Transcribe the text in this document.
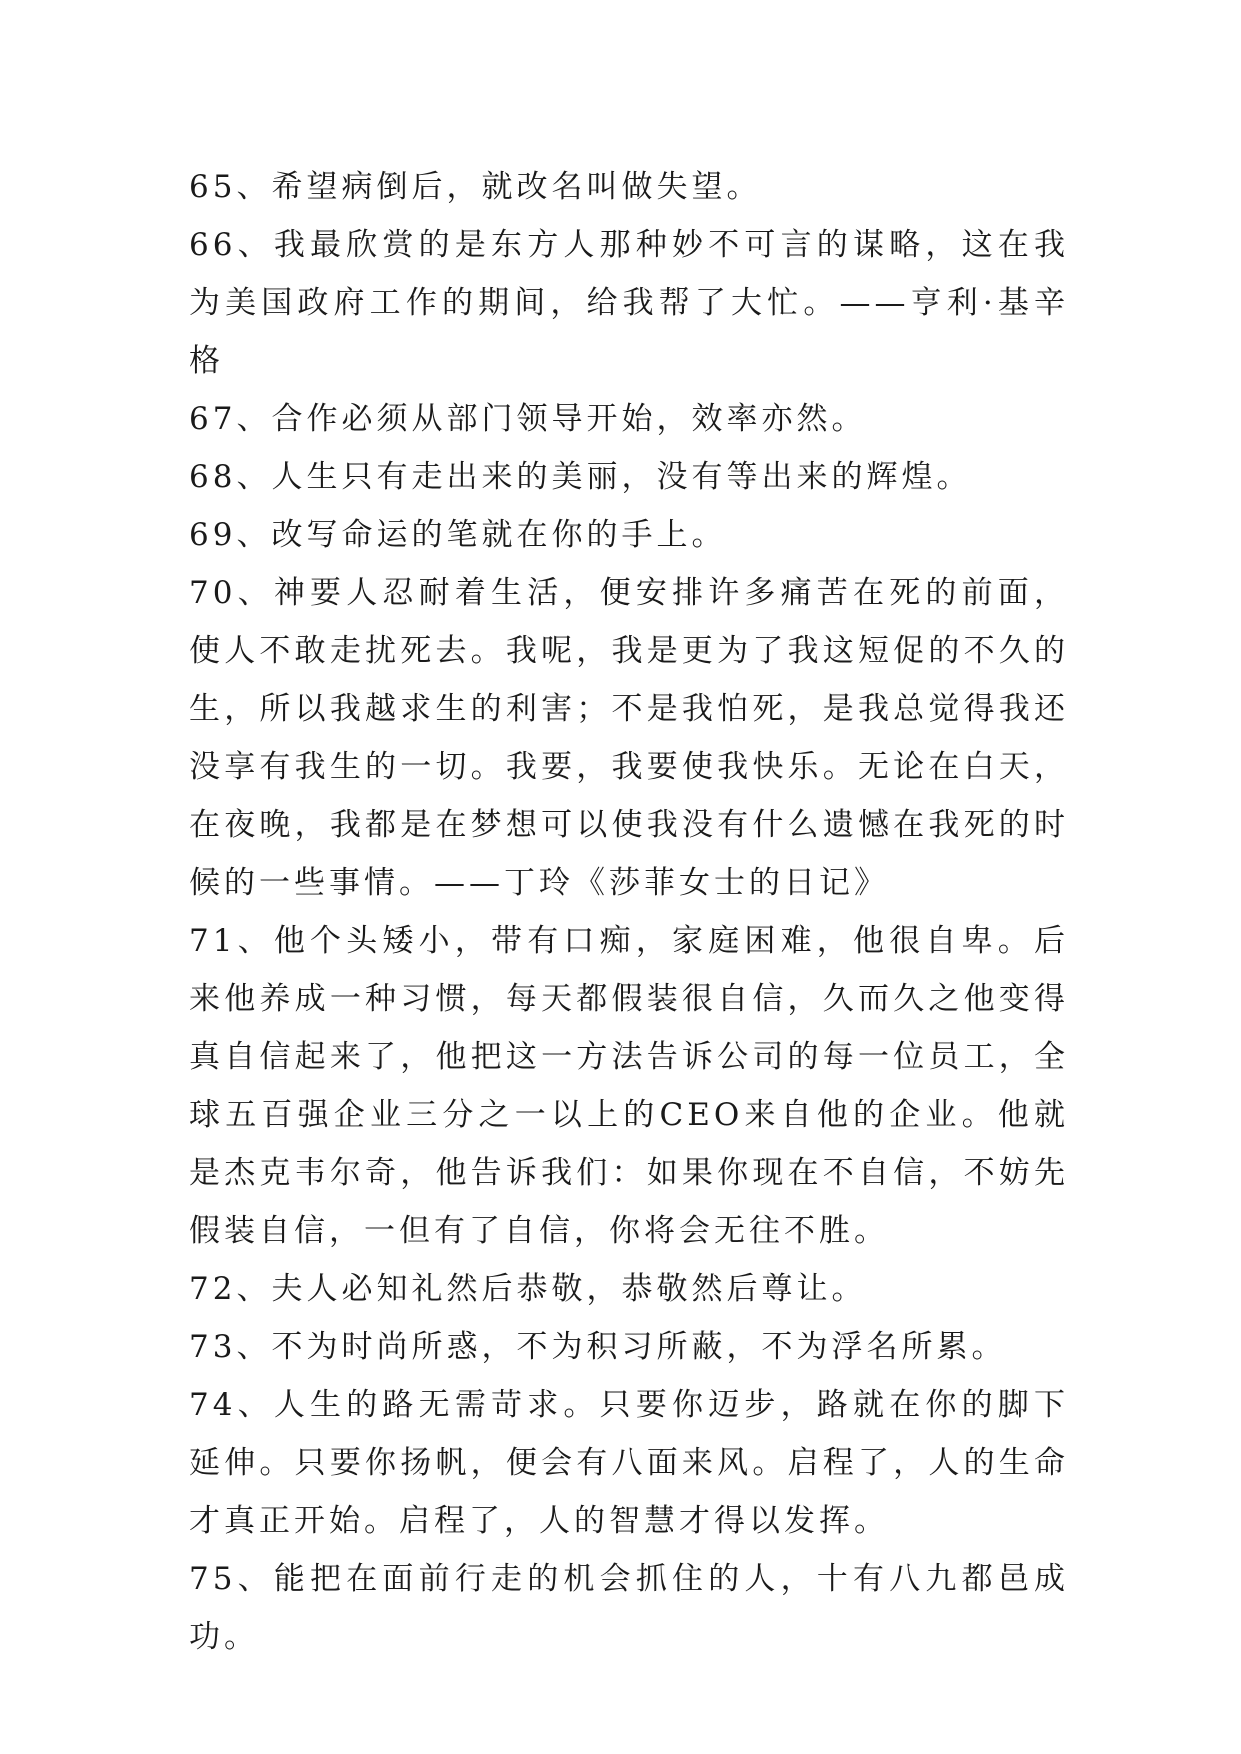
65、希望病倒后，就改名叫做失望。

66、我最欣赏的是东方人那种妙不可言的谋略，这在我为美国政府工作的期间，给我帮了大忙。——亨利·基辛格

67、合作必须从部门领导开始，效率亦然。

68、人生只有走出来的美丽，没有等出来的辉煌。

69、改写命运的笔就在你的手上。

70、神要人忍耐着生活，便安排许多痛苦在死的前面，使人不敢走扰死去。我呢，我是更为了我这短促的不久的生，所以我越求生的利害；不是我怕死，是我总觉得我还没享有我生的一切。我要，我要使我快乐。无论在白天，在夜晚，我都是在梦想可以使我没有什么遗憾在我死的时候的一些事情。——丁玲《莎菲女士的日记》

71、他个头矮小，带有口痴，家庭困难，他很自卑。后来他养成一种习惯，每天都假装很自信，久而久之他变得真自信起来了，他把这一方法告诉公司的每一位员工，全球五百强企业三分之一以上的CEO来自他的企业。他就是杰克韦尔奇，他告诉我们：如果你现在不自信，不妨先假装自信，一但有了自信，你将会无往不胜。

72、夫人必知礼然后恭敬，恭敬然后尊让。

73、不为时尚所惑，不为积习所蔽，不为浮名所累。

74、人生的路无需苛求。只要你迈步，路就在你的脚下延伸。只要你扬帆，便会有八面来风。启程了，人的生命才真正开始。启程了，人的智慧才得以发挥。

75、能把在面前行走的机会抓住的人，十有八九都邑成功。
